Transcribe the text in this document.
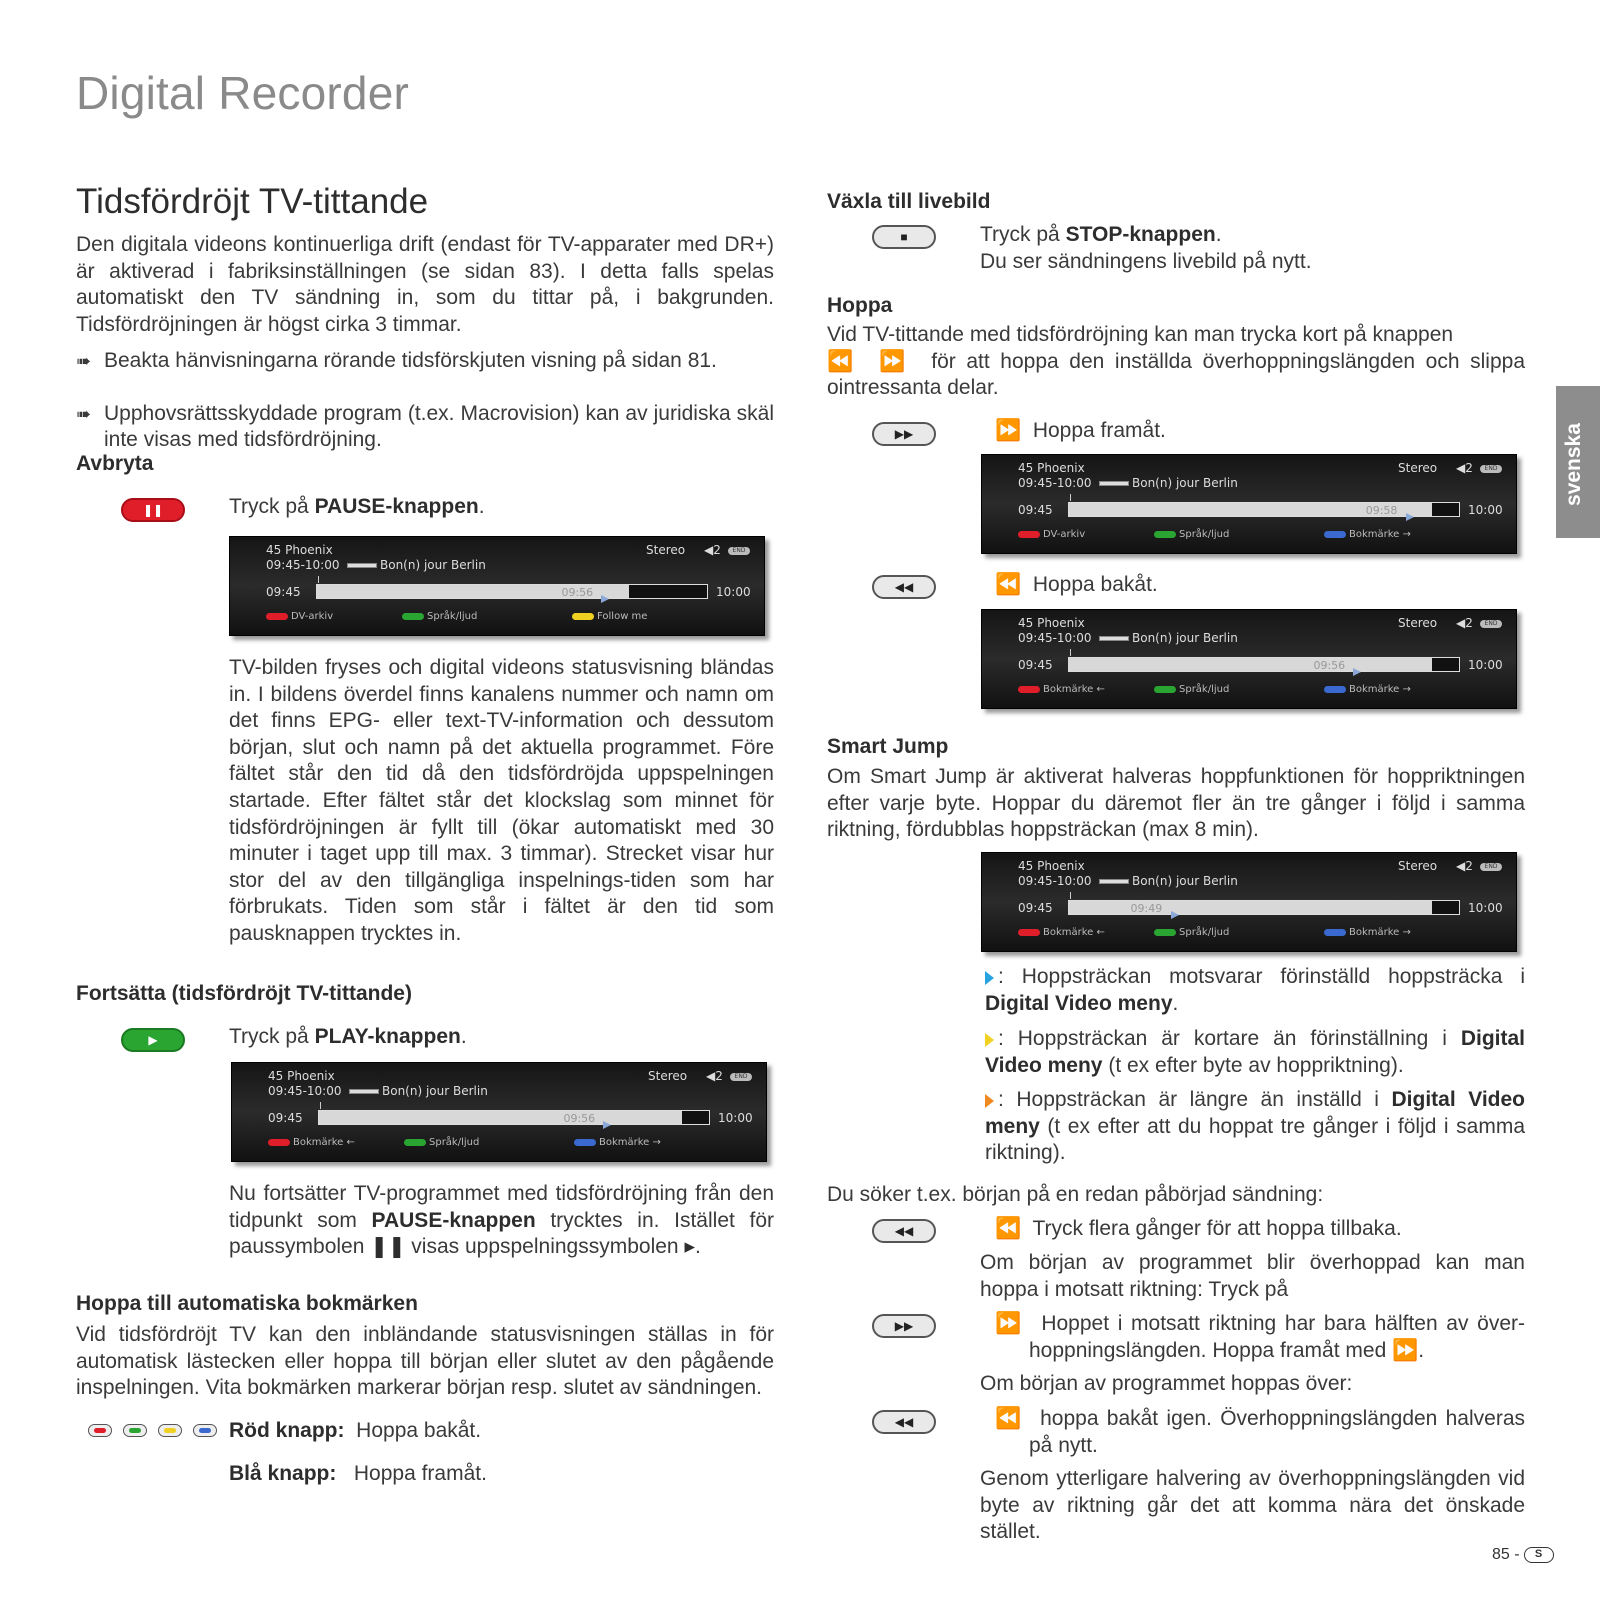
Digital Recorder
Tidsfördröjt TV-tittande
Den digitala videons kontinuerliga drift (endast för TV-apparater med DR+) är aktiverad i fabriksinställningen (se sidan 83). I detta falls spelas automatiskt den TV sändning in, som du tittar på, i bakgrunden. Tidsfördröjningen är högst cirka 3 timmar.
➠ Beakta hänvisningarna rörande tidsförskjuten visning på sidan 81.
➠ Upphovsrättsskyddade program (t.ex. Macrovision) kan av juridiska skäl inte visas med tidsfördröjning.
Avbryta
❚❚	Tryck på PAUSE-knappen.
45 Phoenix
09:45-10:00	Bon(n) jour Berlin
Stereo ◀2	END
09:45	10:00
09:56
DV-arkiv	Språk/ljud	Follow me
TV-bilden fryses och digital videons statusvisning bländas in. I bildens överdel finns kanalens nummer och namn om det finns EPG- eller text-TV-information och dessutom början, slut och namn på det aktuella programmet. Före fältet står den tid då den tidsfördröjda uppspelningen startade. Efter fältet står det klockslag som minnet för tidsfördröjningen är fyllt till (ökar automatiskt med 30 minuter i taget upp till max. 3 timmar). Strecket visar hur stor del av den tillgängliga inspelnings-tiden som har förbrukats. Tiden som står i fältet är den tid som pausknappen trycktes in.
Fortsätta (tidsfördröjt TV-tittande)
▶	Tryck på PLAY-knappen.
45 Phoenix
09:45-10:00	Bon(n) jour Berlin
Stereo ◀2	END
09:45	10:00
09:56
Bokmärke ←	Språk/ljud	Bokmärke →
Nu fortsätter TV-programmet med tidsfördröjning från den tidpunkt som PAUSE-knappen trycktes in. Istället för paussymbolen ❚❚ visas uppspelningssymbolen ▸.
Hoppa till automatiska bokmärken
Vid tidsfördröjt TV kan den inbländande statusvisningen ställas in för automatisk lästecken eller hoppa till början eller slutet av den pågående inspelningen. Vita bokmärken markerar början resp. slutet av sändningen.
Röd knapp: Hoppa bakåt.
Blå knapp: Hoppa framåt.
Växla till livebild
■	Tryck på STOP-knappen.
Du ser sändningens livebild på nytt.
Hoppa
Vid TV-tittande med tidsfördröjning kan man trycka kort på knappen
⏪  ⏩ för att hoppa den inställda överhoppningslängden och slippa ointressanta delar.
▶▶	⏩ Hoppa framåt.
45 Phoenix
09:45-10:00	Bon(n) jour Berlin
Stereo ◀2	END
09:45	10:00
09:58
DV-arkiv	Språk/ljud	Bokmärke →
◀◀	⏪ Hoppa bakåt.
45 Phoenix
09:45-10:00	Bon(n) jour Berlin
Stereo ◀2	END
09:45	10:00
09:56
Bokmärke ←	Språk/ljud	Bokmärke →
Smart Jump
Om Smart Jump är aktiverat halveras hoppfunktionen för hoppriktningen efter varje byte. Hoppar du däremot fler än tre gånger i följd i samma riktning, fördubblas hoppsträckan (max 8 min).
45 Phoenix
09:45-10:00	Bon(n) jour Berlin
Stereo ◀2	END
09:45	10:00
09:49
Bokmärke ←	Språk/ljud	Bokmärke →
: Hoppsträckan motsvarar förinställd hoppsträcka i Digital Video meny.
: Hoppsträckan är kortare än förinställning i Digital Video meny (t ex efter byte av hoppriktning).
: Hoppsträckan är längre än inställd i Digital Video meny (t ex efter att du hoppat tre gånger i följd i samma riktning).
Du söker t.ex. början på en redan påbörjad sändning:
◀◀	⏪ Tryck flera gånger för att hoppa tillbaka.
Om början av programmet blir överhoppad kan man hoppa i motsatt riktning: Tryck på
▶▶	⏩ Hoppet i motsatt riktning har bara hälften av över-hoppningslängden. Hoppa framåt med ⏩.
Om början av programmet hoppas över:
◀◀	⏪ hoppa bakåt igen. Överhoppningslängden halveras på nytt.
Genom ytterligare halvering av överhoppningslängden vid byte av riktning går det att komma nära det önskade stället.
svenska
85 -	S
